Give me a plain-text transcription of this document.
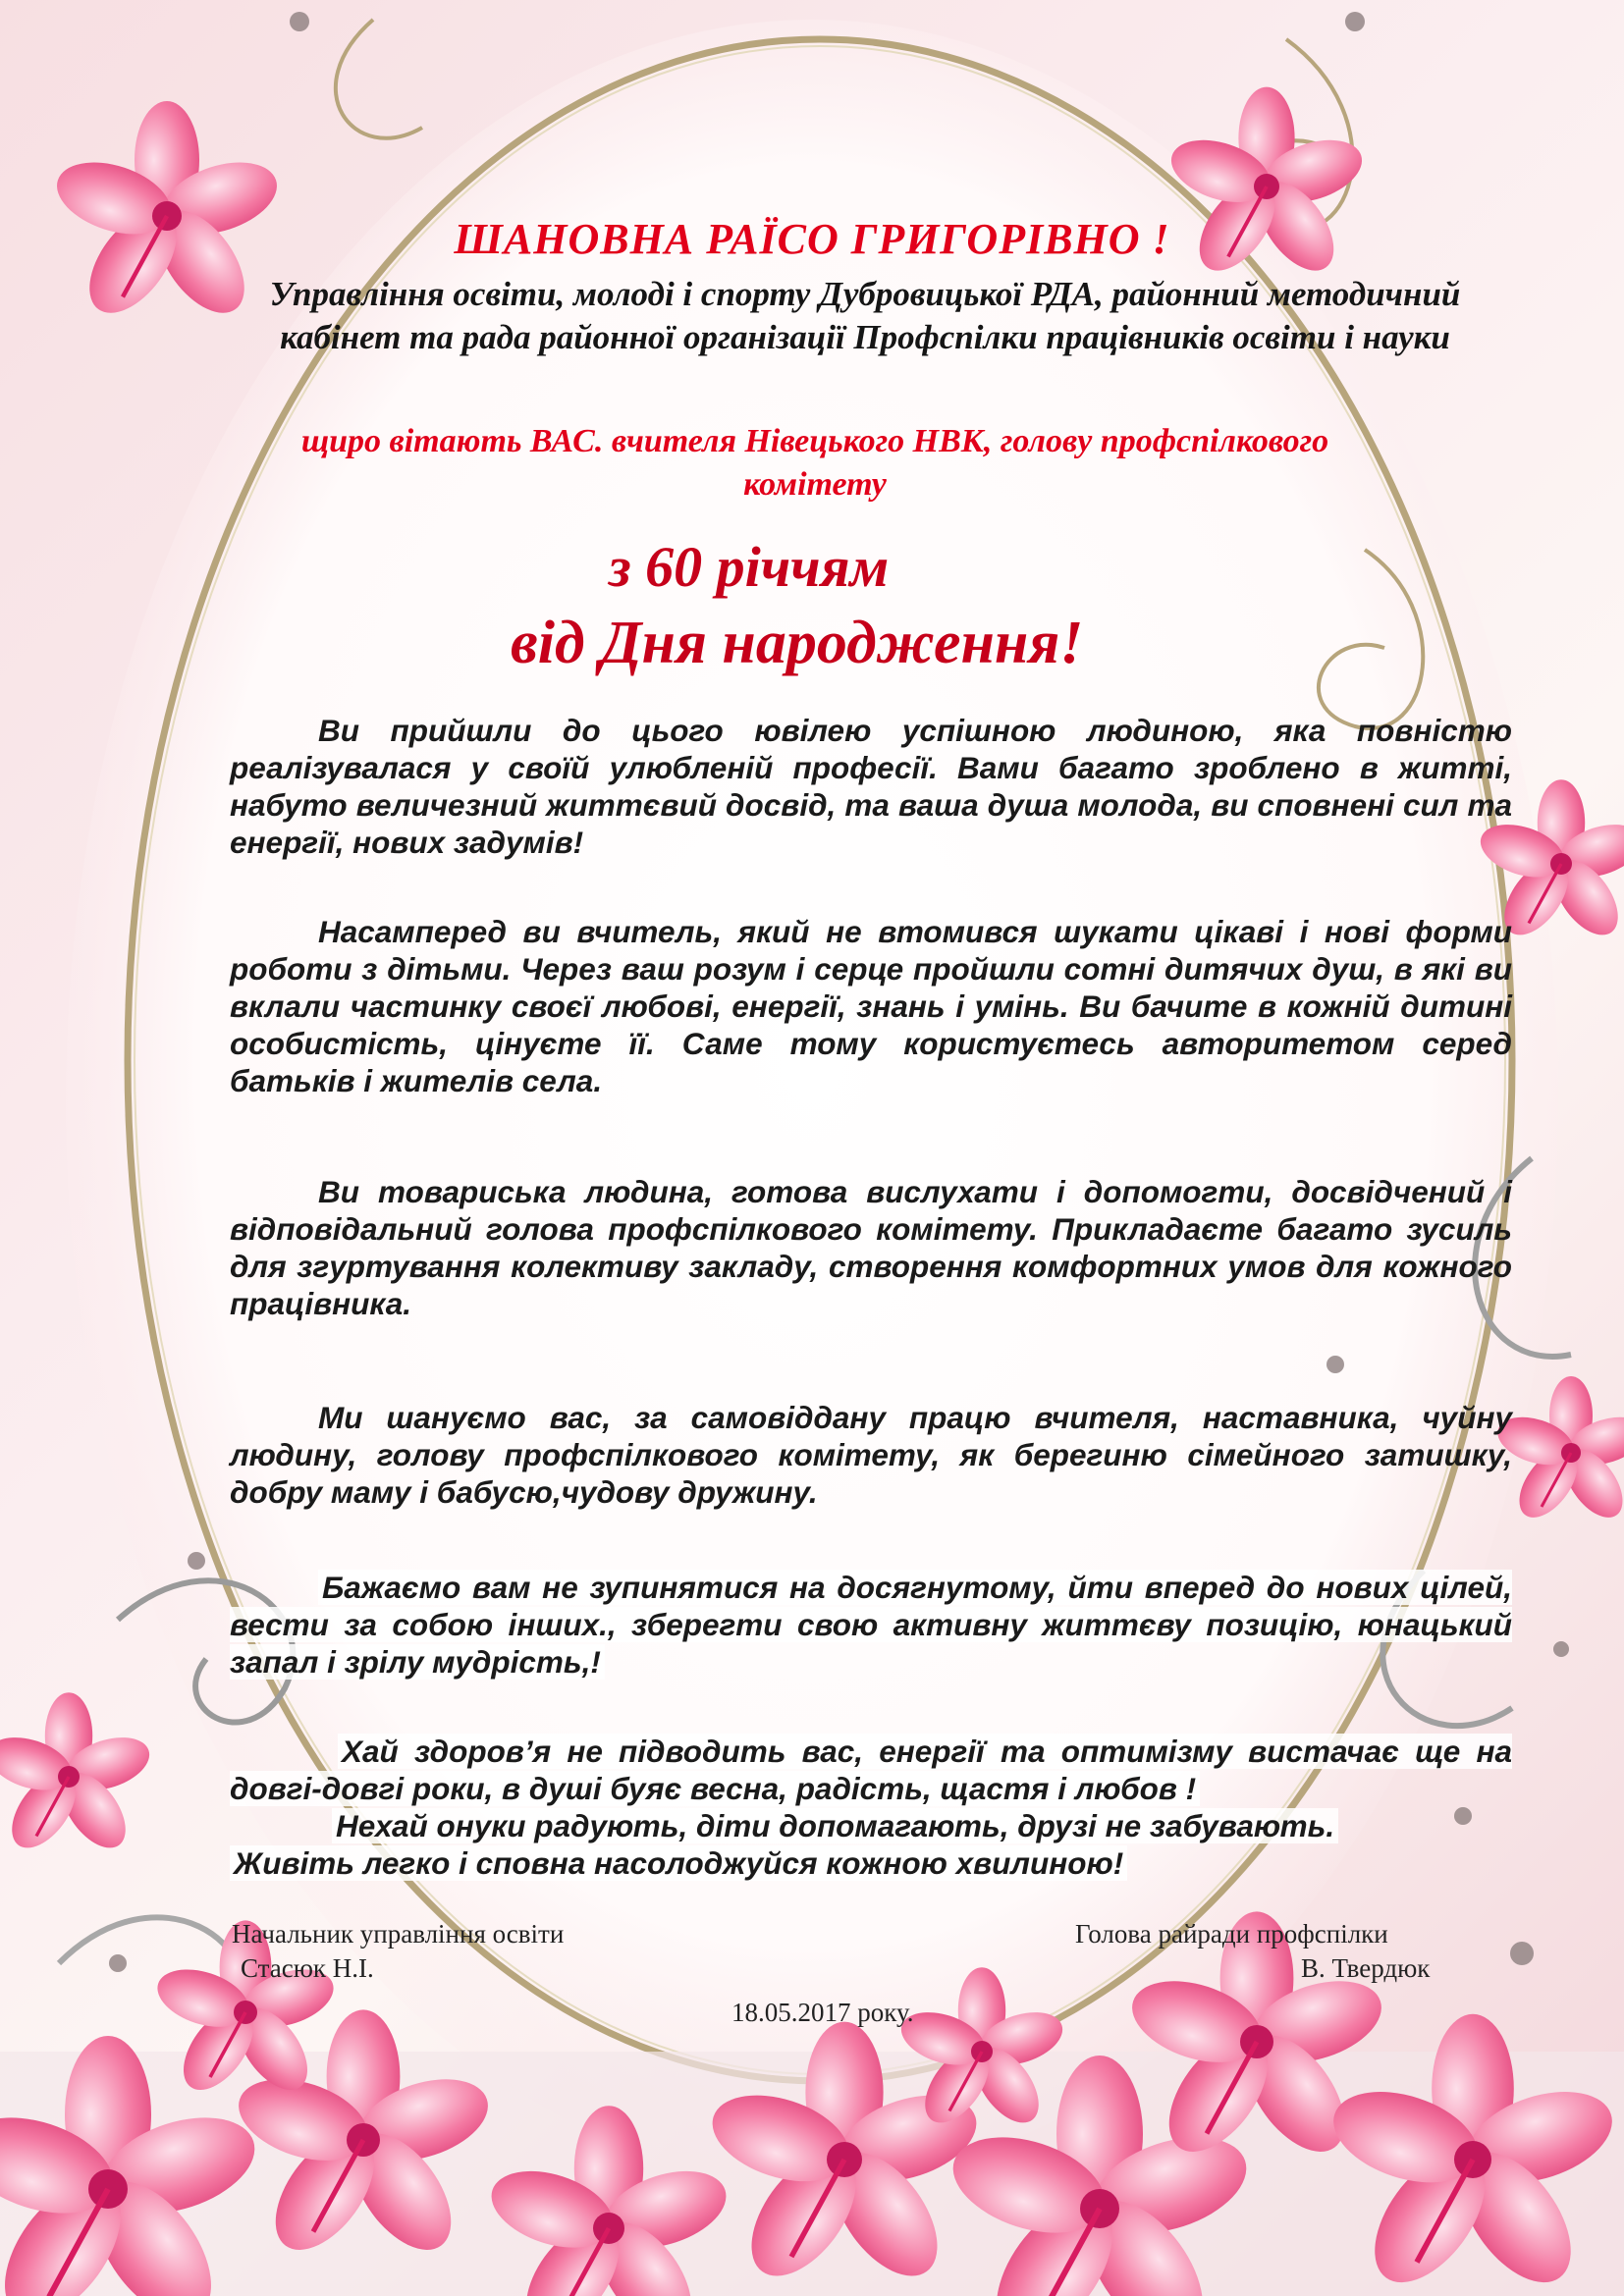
ШАНОВНА РАЇСО ГРИГОРІВНО !
Управління освіти, молоді і спорту Дубровицької РДА, районний методичний кабінет та рада районної організації Профспілки працівників освіти і науки
щиро вітають ВАС. вчителя Нівецького НВК, голову профспілкового комітету
з 60 річчям
від Дня народження!

Ви прийшли до цього ювілею успішною людиною, яка повністю реалізувалася у своїй улюбленій професії. Вами багато зроблено в житті, набуто величезний життєвий досвід, та ваша душа молода, ви сповнені сил та енергії, нових задумів!

Насамперед ви вчитель, який не втомився шукати цікаві і нові форми роботи з дітьми. Через ваш розум і серце пройшли сотні дитячих душ, в які ви вклали частинку своєї любові, енергії, знань і умінь. Ви бачите в кожній дитині особистість, цінуєте її. Саме тому користуєтесь авторитетом серед батьків і жителів села.

Ви товариська людина, готова вислухати і допомогти, досвідчений і відповідальний голова профспілкового комітету. Прикладаєте багато зусиль для згуртування колективу закладу, створення комфортних умов для кожного працівника.

Ми шануємо вас, за самовіддану працю вчителя, наставника, чуйну людину, голову профспілкового комітету, як берегиню сімейного затишку, добру маму і бабусю,чудову дружину.

Бажаємо вам не зупинятися на досягнутому, йти вперед до нових цілей, вести за собою інших., зберегти свою активну життєву позицію, юнацький запал і зрілу мудрість,!

Хай здоров’я не підводить вас, енергії та оптимізму вистачає ще на довгі-довгі роки, в душі буяє весна, радість, щастя і любов !
Нехай онуки радують, діти допомагають, друзі не забувають.
Живіть легко і сповна насолоджуйся кожною хвилиною!
Начальник управління освіти
Стасюк Н.І.
Голова райради профспілки
В. Твердюк
18.05.2017 року.
